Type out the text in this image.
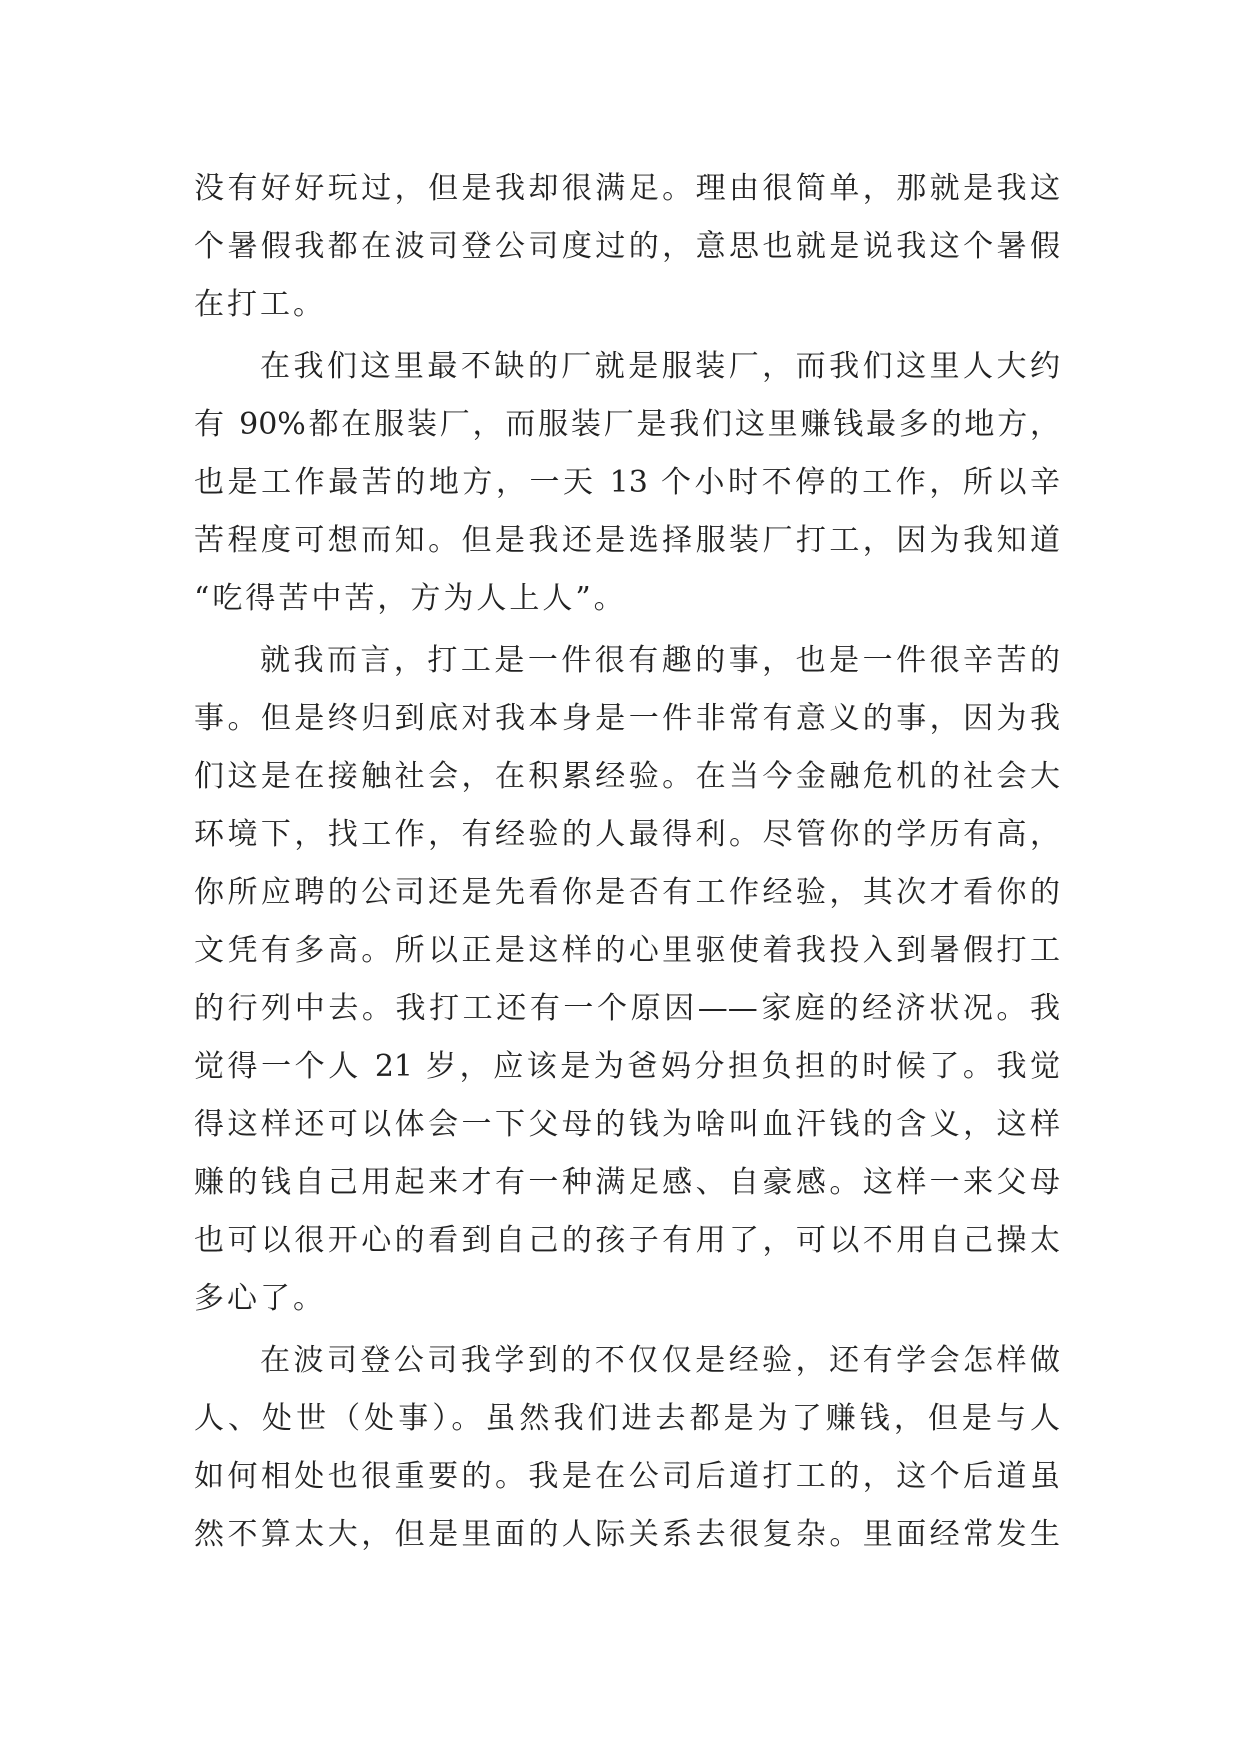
没有好好玩过，但是我却很满足。理由很简单，那就是我这
个暑假我都在波司登公司度过的，意思也就是说我这个暑假
在打工。
在我们这里最不缺的厂就是服装厂，而我们这里人大约
有 90%都在服装厂，而服装厂是我们这里赚钱最多的地方，
也是工作最苦的地方，一天 13 个小时不停的工作，所以辛
苦程度可想而知。但是我还是选择服装厂打工，因为我知道
“吃得苦中苦，方为人上人”。
就我而言，打工是一件很有趣的事，也是一件很辛苦的
事。但是终归到底对我本身是一件非常有意义的事，因为我
们这是在接触社会，在积累经验。在当今金融危机的社会大
环境下，找工作，有经验的人最得利。尽管你的学历有高，
你所应聘的公司还是先看你是否有工作经验，其次才看你的
文凭有多高。所以正是这样的心里驱使着我投入到暑假打工
的行列中去。我打工还有一个原因——家庭的经济状况。我
觉得一个人 21 岁，应该是为爸妈分担负担的时候了。我觉
得这样还可以体会一下父母的钱为啥叫血汗钱的含义，这样
赚的钱自己用起来才有一种满足感、自豪感。这样一来父母
也可以很开心的看到自己的孩子有用了，可以不用自己操太
多心了。
在波司登公司我学到的不仅仅是经验，还有学会怎样做
人、处世（处事）。虽然我们进去都是为了赚钱，但是与人
如何相处也很重要的。我是在公司后道打工的，这个后道虽
然不算太大，但是里面的人际关系去很复杂。里面经常发生
